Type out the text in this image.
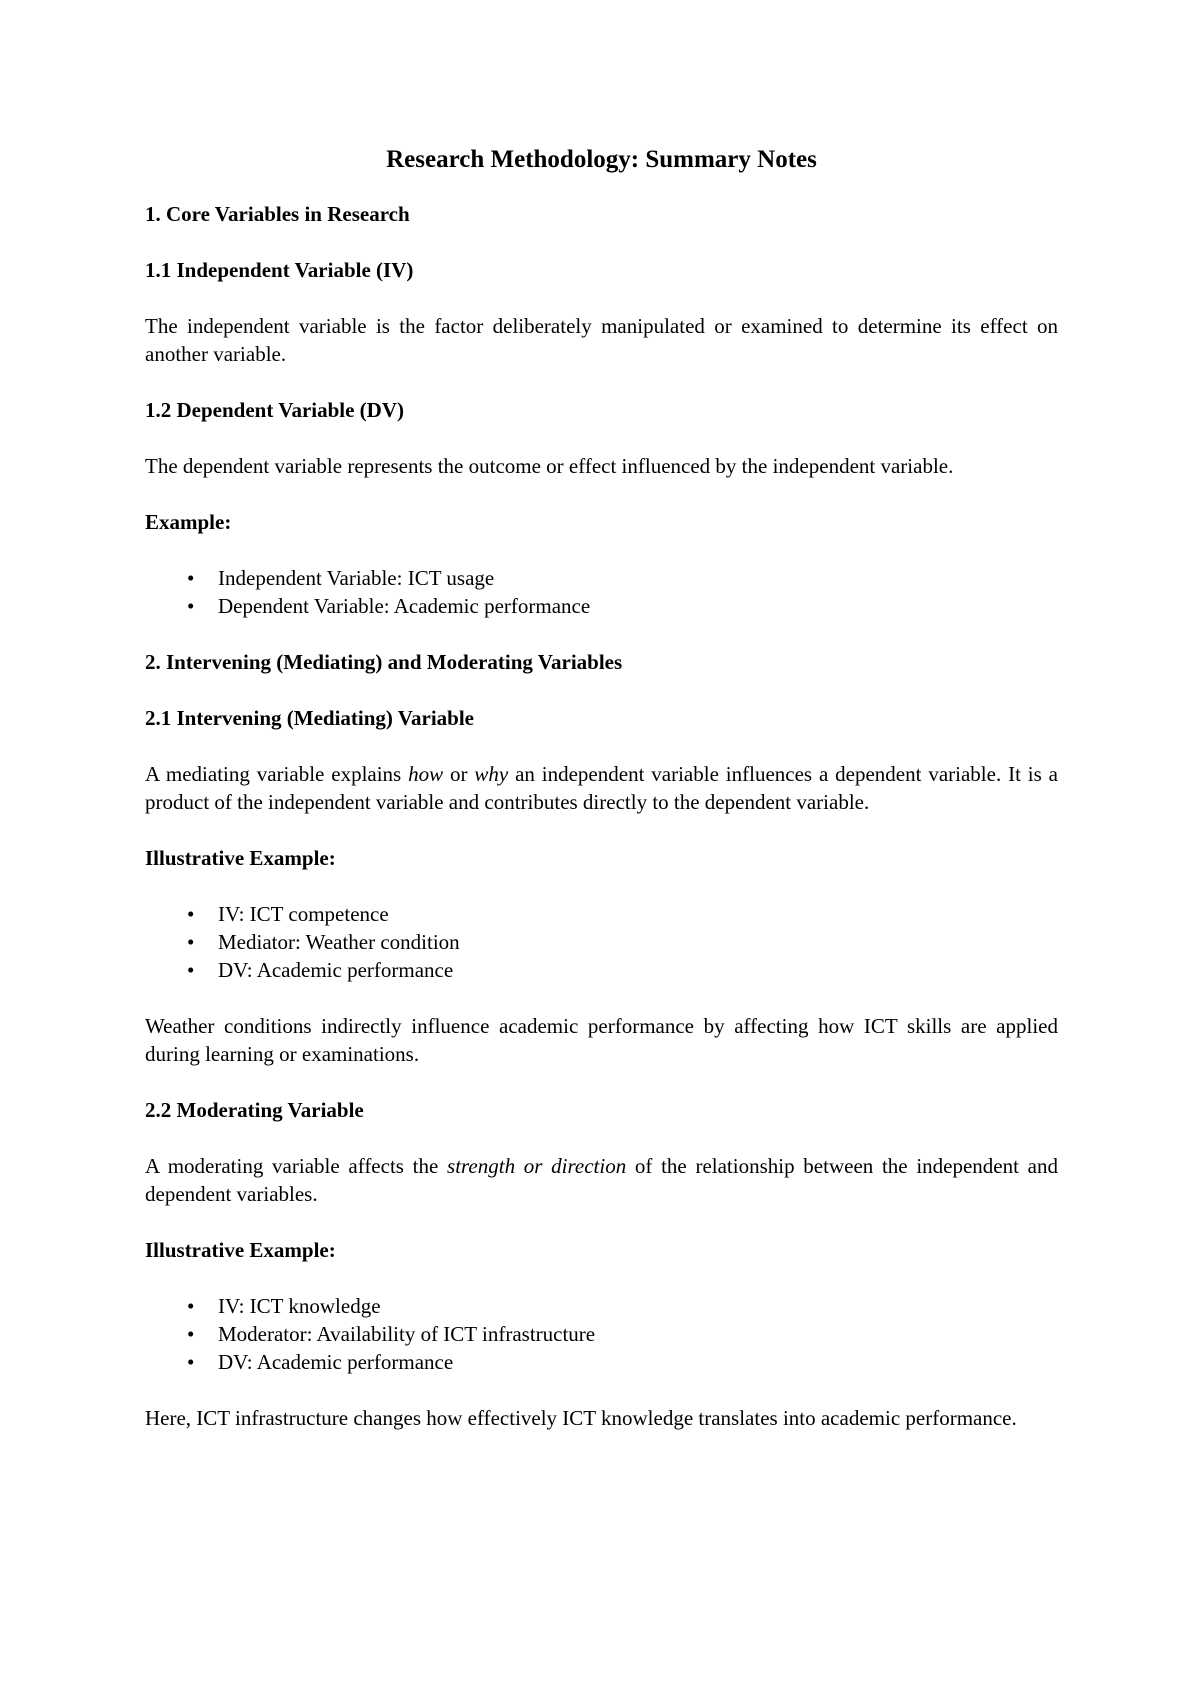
Research Methodology: Summary Notes
1. Core Variables in Research
1.1 Independent Variable (IV)
The independent variable is the factor deliberately manipulated or examined to determine its effect on another variable.
1.2 Dependent Variable (DV)
The dependent variable represents the outcome or effect influenced by the independent variable.
Example:
• Independent Variable: ICT usage
• Dependent Variable: Academic performance
2. Intervening (Mediating) and Moderating Variables
2.1 Intervening (Mediating) Variable
A mediating variable explains how or why an independent variable influences a dependent variable. It is a product of the independent variable and contributes directly to the dependent variable.
Illustrative Example:
• IV: ICT competence
• Mediator: Weather condition
• DV: Academic performance
Weather conditions indirectly influence academic performance by affecting how ICT skills are applied during learning or examinations.
2.2 Moderating Variable
A moderating variable affects the strength or direction of the relationship between the independent and dependent variables.
Illustrative Example:
• IV: ICT knowledge
• Moderator: Availability of ICT infrastructure
• DV: Academic performance
Here, ICT infrastructure changes how effectively ICT knowledge translates into academic performance.
